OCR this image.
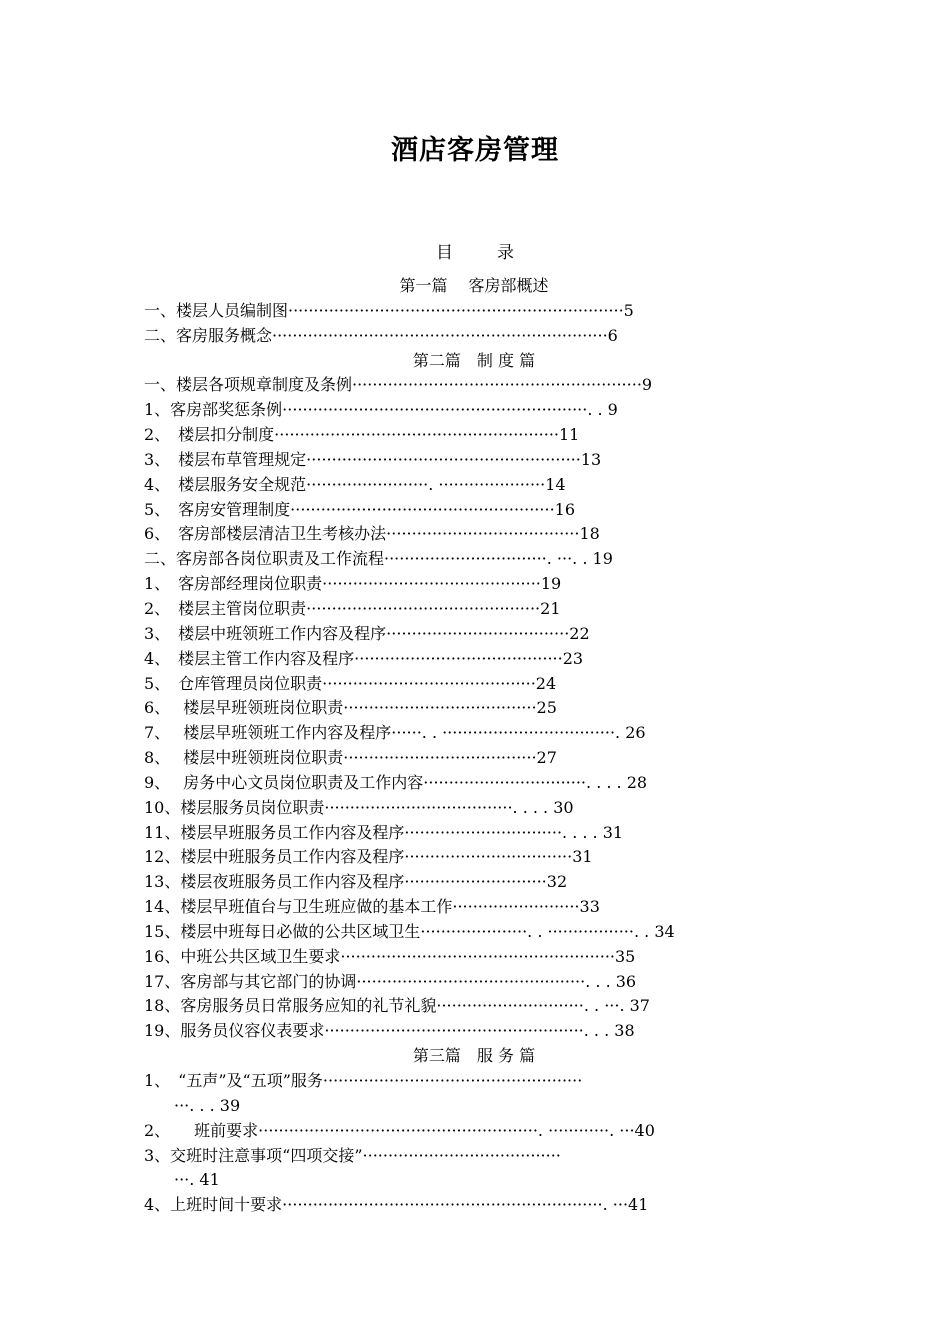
酒店客房管理
目	录
第一篇　 客房部概述
一、楼层人员编制图··································································5
二、客房服务概念··································································6
第二篇　制 度 篇
一、楼层各项规章制度及条例·························································9
1、客房部奖惩条例····························································. . 9
2、　楼层扣分制度························································11
3、　楼层布草管理规定······················································13
4、　楼层服务安全规范························. ·····················14
5、　客房安管理制度····················································16
6、　客房部楼层清洁卫生考核办法······································18
二、客房部各岗位职责及工作流程································. ···. . 19
1、　客房部经理岗位职责···········································19
2、　楼层主管岗位职责··············································21
3、　楼层中班领班工作内容及程序····································22
4、　楼层主管工作内容及程序·········································23
5、　仓库管理员岗位职责··········································24
6、　 楼层早班领班岗位职责······································25
7、　 楼层早班领班工作内容及程序······. . ··································. 26
8、　 楼层中班领班岗位职责······································27
9、　 房务中心文员岗位职责及工作内容································. . . . 28
10、楼层服务员岗位职责·····································. . . . 30
11、楼层早班服务员工作内容及程序·······························. . . . 31
12、楼层中班服务员工作内容及程序·································31
13、楼层夜班服务员工作内容及程序····························32
14、楼层早班值台与卫生班应做的基本工作·························33
15、楼层中班每日必做的公共区域卫生·····················. . ·················. . 34
16、中班公共区域卫生要求······················································35
17、客房部与其它部门的协调·············································. . . 36
18、客房服务员日常服务应知的礼节礼貌·····························. . ···. 37
19、服务员仪容仪表要求···················································. . . 38
第三篇　服 务 篇
1、　“五声”及“五项”服务···················································
···. . . 39
2、　　班前要求·······················································. ············. ···40
3、交班时注意事项“四项交接”·······································
···. 41
4、上班时间十要求·······························································. ···41
